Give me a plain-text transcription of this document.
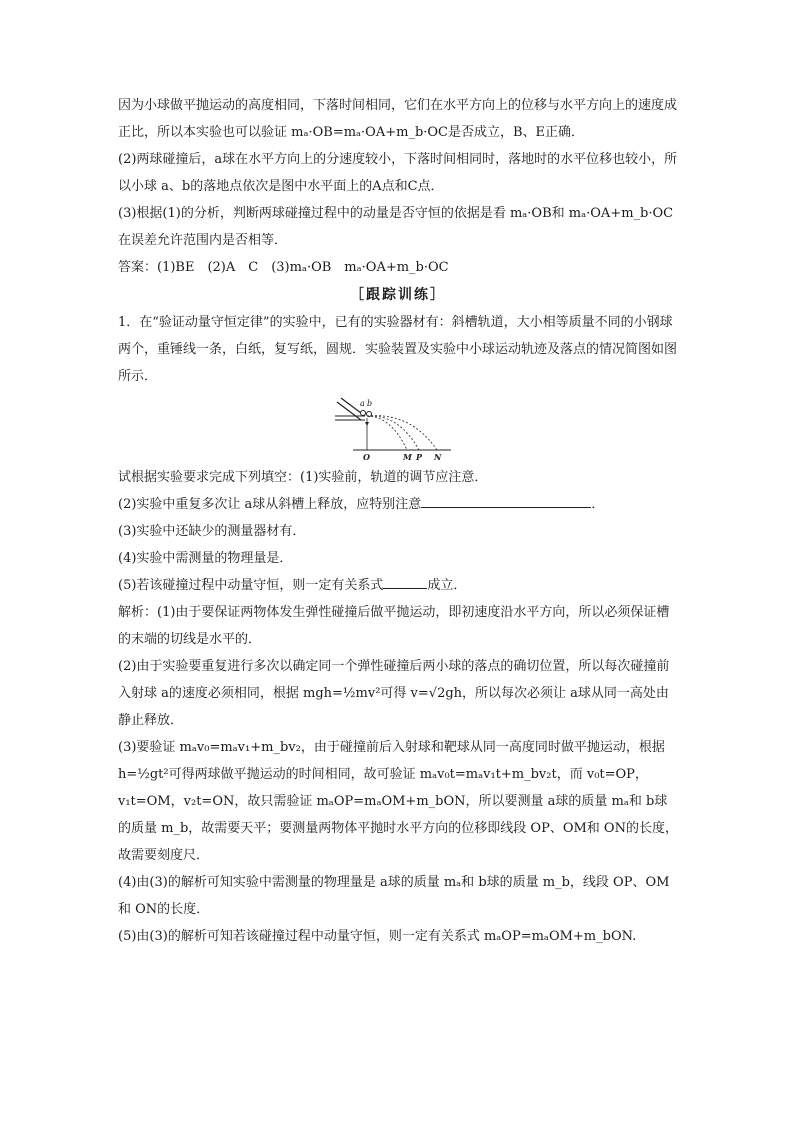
因为小球做平抛运动的高度相同，下落时间相同，它们在水平方向上的位移与水平方向上的速度成正比，所以本实验也可以验证 mₐ·OB=mₐ·OA+m_b·OC是否成立，B、E正确．

(2)两球碰撞后，a球在水平方向上的分速度较小，下落时间相同时，落地时的水平位移也较小，所以小球 a、b的落地点依次是图中水平面上的A点和C点．

(3)根据(1)的分析，判断两球碰撞过程中的动量是否守恒的依据是看 mₐ·OB和 mₐ·OA+m_b·OC在误差允许范围内是否相等．

答案：(1)BE　(2)A　C　(3)mₐ·OB　mₐ·OA+m_b·OC

［跟踪训练］

1．在“验证动量守恒定律”的实验中，已有的实验器材有：斜槽轨道，大小相等质量不同的小钢球两个，重锤线一条，白纸，复写纸，圆规．实验装置及实验中小球运动轨迹及落点的情况简图如图所示．

a b
O	M P N

试根据实验要求完成下列填空：(1)实验前，轨道的调节应注意．

(2)实验中重复多次让 a球从斜槽上释放，应特别注意	．

(3)实验中还缺少的测量器材有．

(4)实验中需测量的物理量是．

(5)若该碰撞过程中动量守恒，则一定有关系式	成立．

解析：(1)由于要保证两物体发生弹性碰撞后做平抛运动，即初速度沿水平方向，所以必须保证槽的末端的切线是水平的．

(2)由于实验要重复进行多次以确定同一个弹性碰撞后两小球的落点的确切位置，所以每次碰撞前入射球 a的速度必须相同，根据 mgh=½mv²可得 v=√2gh，所以每次必须让 a球从同一高处由静止释放．

(3)要验证 mₐv₀=mₐv₁+m_bv₂，由于碰撞前后入射球和靶球从同一高度同时做平抛运动，根据h=½gt²可得两球做平抛运动的时间相同，故可验证 mₐv₀t=mₐv₁t+m_bv₂t，而 v₀t=OP，v₁t=OM，v₂t=ON，故只需验证 mₐOP=mₐOM+m_bON，所以要测量 a球的质量 mₐ和 b球的质量 m_b，故需要天平；要测量两物体平抛时水平方向的位移即线段 OP、OM和 ON的长度，故需要刻度尺．

(4)由(3)的解析可知实验中需测量的物理量是 a球的质量 mₐ和 b球的质量 m_b，线段 OP、OM和 ON的长度．

(5)由(3)的解析可知若该碰撞过程中动量守恒，则一定有关系式 mₐOP=mₐOM+m_bON.
